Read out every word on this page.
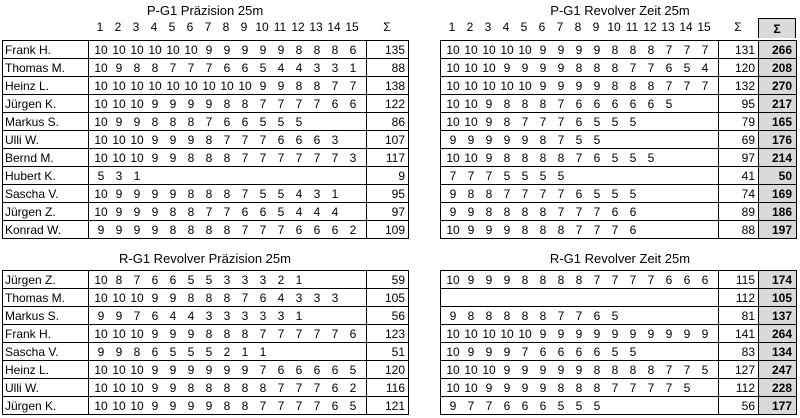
P-G1 Präzision 25m
1 2 3 4 5 6 7 8 9 10 11 12 13 14 15 Σ
Frank H.	10 10 10 10 10 10 9 9 9 9 9 8 8 8 6	135
Thomas M.	10 9 8 8 7 7 7 6 6 5 4 4 3 3 1	88
Heinz L.	10 10 10 10 10 10 10 10 10 9 9 8 8 7 7	138
Jürgen K.	10 10 10 9 9 9 9 8 8 7 7 7 7 6 6	122
Markus S.	10 9 9 8 8 8 7 6 6 5 5 5	86
Ulli W.	10 10 10 9 9 9 8 7 7 7 6 6 6 3	107
Bernd M.	10 10 10 9 9 8 8 8 7 7 7 7 7 7 3	117
Hubert K.	5 3 1	9
Sascha V.	10 9 9 9 9 8 8 8 7 5 5 4 3 1	95
Jürgen Z.	10 9 9 9 8 8 7 7 6 6 5 4 4 4	97
Konrad W.	9 9 9 9 8 8 8 8 7 7 7 6 6 6 2	109
P-G1 Revolver Zeit 25m
1 2 3 4 5 6 7 8 9 10 11 12 13 14 15 Σ	Σ
10 10 10 10 10 9 9 9 9 8 8 8 7 7 7	131	266
10 10 10 9 9 9 9 8 8 8 7 7 6 5 4	120	208
10 10 10 10 10 9 9 9 9 8 8 8 7 7 7	132	270
10 10 9 8 8 8 7 6 6 6 6 6 5	95	217
10 10 9 8 7 7 7 6 5 5 5	79	165
9 9 9 9 9 8 7 5 5	69	176
10 10 9 8 8 8 8 7 6 5 5 5	97	214
7 7 7 5 5 5 5	41	50
9 8 8 7 7 7 7 6 5 5 5	74	169
9 9 8 8 8 8 7 7 7 6 6	89	186
10 9 9 9 8 8 8 7 7 7 6	88	197
R-G1 Revolver Präzision 25m
Jürgen Z.	10 8 7 6 6 5 5 3 3 3 2 1	59
Thomas M.	10 10 10 9 9 8 8 8 7 6 4 3 3 3	105
Markus S.	9 9 7 6 4 4 3 3 3 3 3 1	56
Frank H.	10 10 10 9 9 9 8 8 8 7 7 7 7 7 6	123
Sascha V.	9 9 8 6 5 5 5 2 1 1	51
Heinz L.	10 10 10 9 9 9 9 9 9 7 6 6 6 6 5	120
Ulli W.	10 10 10 9 9 8 8 8 8 8 7 7 7 6 2	116
Jürgen K.	10 10 10 9 9 9 9 8 8 7 7 7 7 6 5	121
R-G1 Revolver Zeit 25m
10 9 9 9 8 8 8 8 7 7 7 7 6 6 6	115	174
	112	105
9 8 8 8 8 8 7 7 6 5	81	137
10 10 10 10 10 9 9 9 9 9 9 9 9 9 9	141	264
10 9 9 9 7 6 6 6 6 5 5	83	134
10 10 10 9 9 9 9 9 8 8 8 8 7 7 5	127	247
10 10 9 9 9 9 8 8 8 7 7 7 7 5	112	228
9 7 7 6 6 6 5 5 5	56	177
